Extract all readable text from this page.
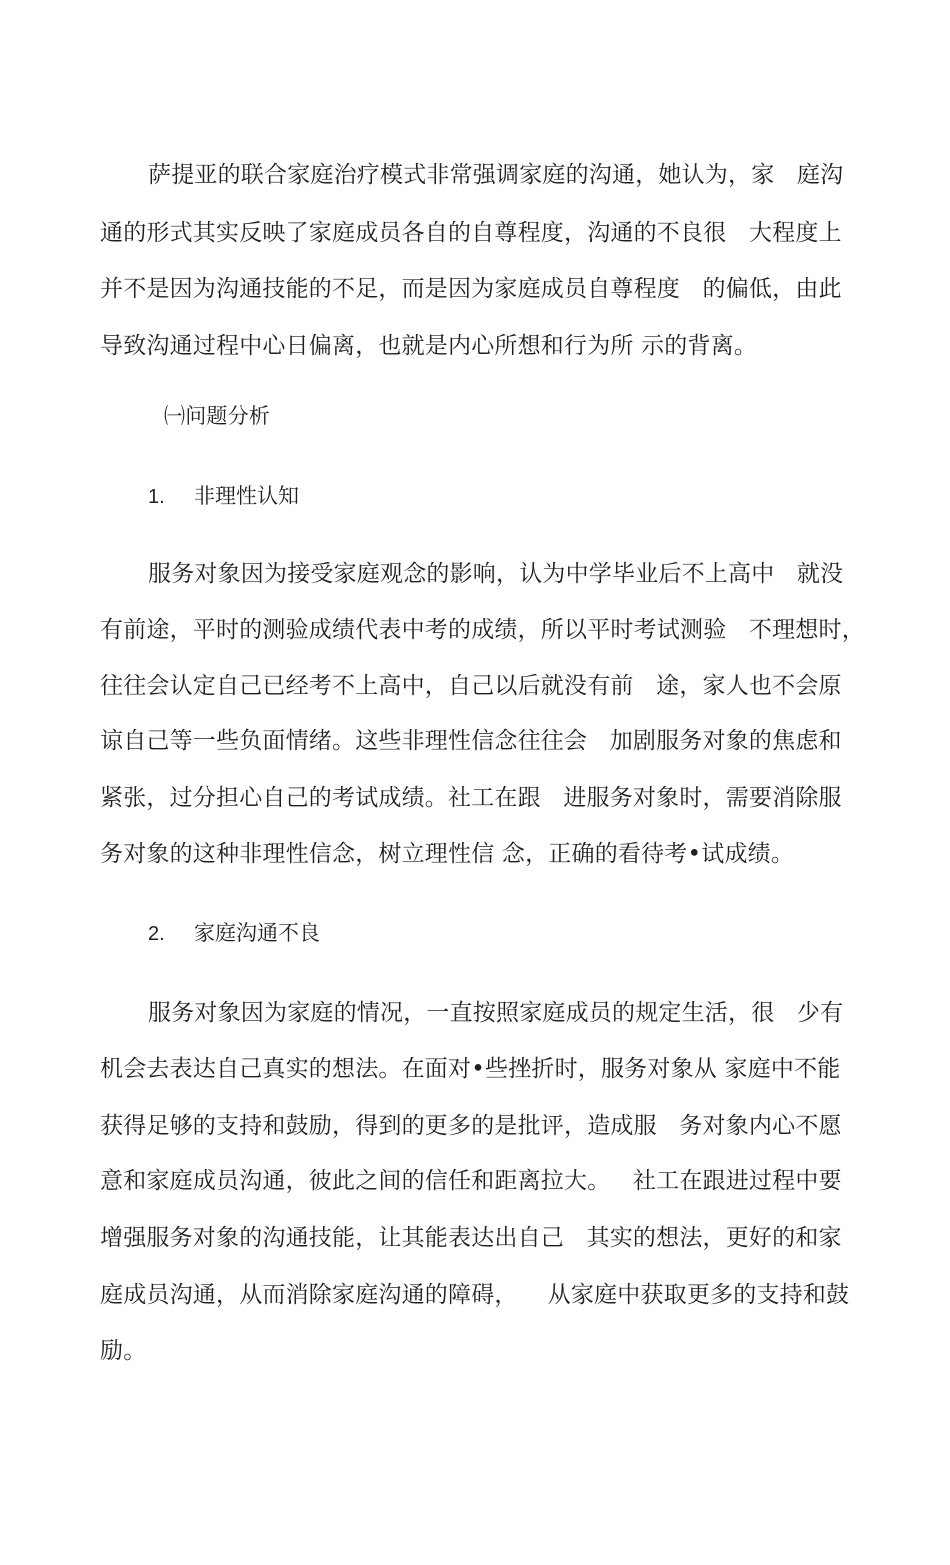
萨提亚的联合家庭治疗模式非常强调家庭的沟通，她认为，家   庭沟
通的形式其实反映了家庭成员各自的自尊程度，沟通的不良很   大程度上
并不是因为沟通技能的不足，而是因为家庭成员自尊程度   的偏低，由此
导致沟通过程中心日偏离，也就是内心所想和行为所 示的背离。
㈠问题分析
1. 非理性认知
服务对象因为接受家庭观念的影响，认为中学毕业后不上高中   就没
有前途，平时的测验成绩代表中考的成绩，所以平时考试测验   不理想时，
往往会认定自己已经考不上高中，自己以后就没有前   途，家人也不会原
谅自己等一些负面情绪。这些非理性信念往往会   加剧服务对象的焦虑和
紧张，过分担心自己的考试成绩。社工在跟   进服务对象时，需要消除服
务对象的这种非理性信念，树立理性信 念，正确的看待考•试成绩。
2. 家庭沟通不良
服务对象因为家庭的情况，一直按照家庭成员的规定生活，很   少有
机会去表达自己真实的想法。在面对•些挫折时，服务对象从 家庭中不能
获得足够的支持和鼓励，得到的更多的是批评，造成服   务对象内心不愿
意和家庭成员沟通，彼此之间的信任和距离拉大。   社工在跟进过程中要
增强服务对象的沟通技能，让其能表达出自己   其实的想法，更好的和家
庭成员沟通，从而消除家庭沟通的障碍，    从家庭中获取更多的支持和鼓
励。
